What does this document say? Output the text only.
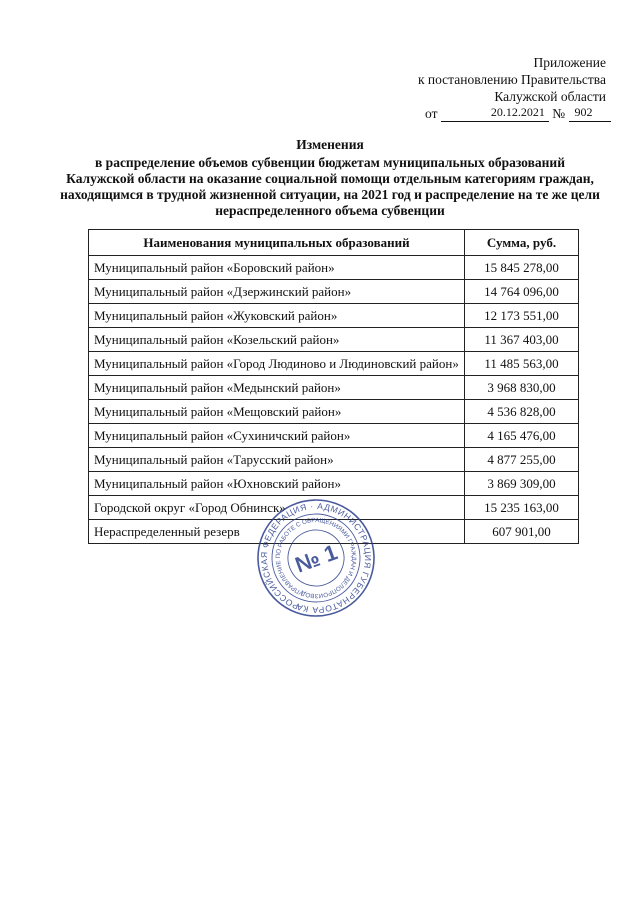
Приложение
к постановлению Правительства
Калужской области
от	20.12.2021 № 902
Изменения
в распределение объемов субвенции бюджетам муниципальных образований Калужской области на оказание социальной помощи отдельным категориям граждан, находящимся в трудной жизненной ситуации, на 2021 год и распределение на те же цели нераспределенного объема субвенции
Наименования муниципальных образований	Сумма, руб.
Муниципальный район «Боровский район»	15 845 278,00
Муниципальный район «Дзержинский район»	14 764 096,00
Муниципальный район «Жуковский район»	12 173 551,00
Муниципальный район «Козельский район»	11 367 403,00
Муниципальный район «Город Людиново и Людиновский район»	11 485 563,00
Муниципальный район «Медынский район»	3 968 830,00
Муниципальный район «Мещовский район»	4 536 828,00
Муниципальный район «Сухиничский район»	4 165 476,00
Муниципальный район «Тарусский район»	4 877 255,00
Муниципальный район «Юхновский район»	3 869 309,00
Городской округ «Город Обнинск»	15 235 163,00
Нераспределенный резерв	607 901,00
РОССИЙСКАЯ ФЕДЕРАЦИЯ · АДМИНИСТРАЦИЯ ГУБЕРНАТОРА КАЛУЖСКОЙ	УПРАВЛЕНИЕ ПО РАБОТЕ С ОБРАЩЕНИЯМИ ГРАЖДАН И ДЕЛОПРОИЗВОДСТВУ
№ 1
